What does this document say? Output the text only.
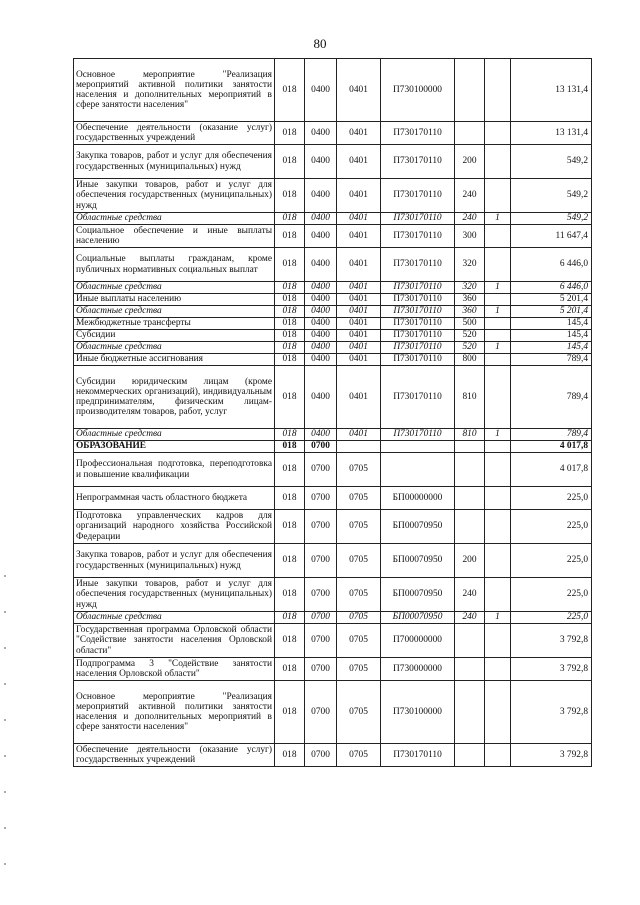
80
Основное мероприятие "Реализация мероприятий активной политики занятости населения и дополнительных мероприятий в сфере занятости населения"	018	0400	0401	П730100000			13 131,4
Обеспечение деятельности (оказание услуг) государственных учреждений	018	0400	0401	П730170110			13 131,4
Закупка товаров, работ и услуг для обеспечения государственных (муниципальных) нужд	018	0400	0401	П730170110	200		549,2
Иные закупки товаров, работ и услуг для обеспечения государственных (муниципальных) нужд	018	0400	0401	П730170110	240		549,2
Областные средства	018	0400	0401	П730170110	240	1	549,2
Социальное обеспечение и иные выплаты населению	018	0400	0401	П730170110	300		11 647,4
Социальные выплаты гражданам, кроме публичных нормативных социальных выплат	018	0400	0401	П730170110	320		6 446,0
Областные средства	018	0400	0401	П730170110	320	1	6 446,0
Иные выплаты населению	018	0400	0401	П730170110	360		5 201,4
Областные средства	018	0400	0401	П730170110	360	1	5 201,4
Межбюджетные трансферты	018	0400	0401	П730170110	500		145,4
Субсидии	018	0400	0401	П730170110	520		145,4
Областные средства	018	0400	0401	П730170110	520	1	145,4
Иные бюджетные ассигнования	018	0400	0401	П730170110	800		789,4
Субсидии юридическим лицам (кроме некоммерческих организаций), индивидуальным предпринимателям, физическим лицам-производителям товаров, работ, услуг	018	0400	0401	П730170110	810		789,4
Областные средства	018	0400	0401	П730170110	810	1	789,4
ОБРАЗОВАНИЕ	018	0700					4 017,8
Профессиональная подготовка, переподготовка и повышение квалификации	018	0700	0705				4 017,8
Непрограммная часть областного бюджета	018	0700	0705	БП00000000			225,0
Подготовка управленческих кадров для организаций народного хозяйства Российской Федерации	018	0700	0705	БП00070950			225,0
Закупка товаров, работ и услуг для обеспечения государственных (муниципальных) нужд	018	0700	0705	БП00070950	200		225,0
Иные закупки товаров, работ и услуг для обеспечения государственных (муниципальных) нужд	018	0700	0705	БП00070950	240		225,0
Областные средства	018	0700	0705	БП00070950	240	1	225,0
Государственная программа Орловской области "Содействие занятости населения Орловской области"	018	0700	0705	П700000000			3 792,8
Подпрограмма 3 "Содействие занятости населения Орловской области"	018	0700	0705	П730000000			3 792,8
Основное мероприятие "Реализация мероприятий активной политики занятости населения и дополнительных мероприятий в сфере занятости населения"	018	0700	0705	П730100000			3 792,8
Обеспечение деятельности (оказание услуг) государственных учреждений	018	0700	0705	П730170110			3 792,8
